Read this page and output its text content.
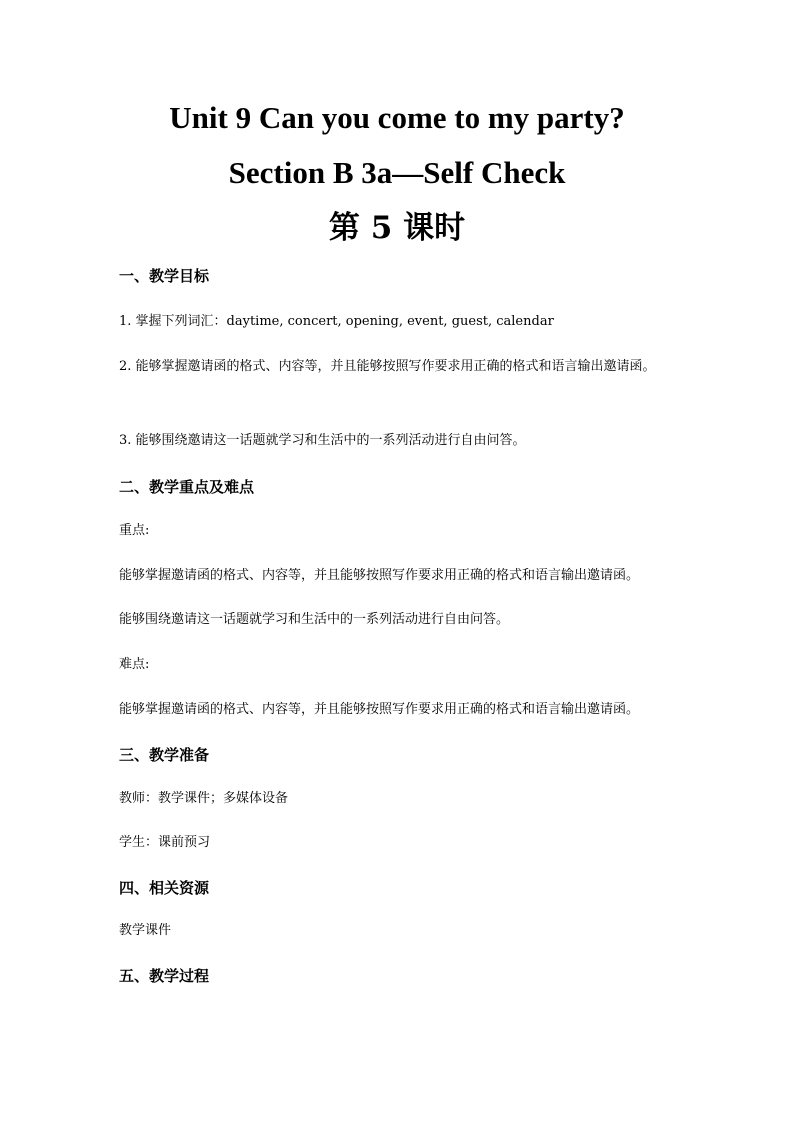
Unit 9 Can you come to my party?
Section B 3a—Self Check
第 5 课时
一、教学目标

1. 掌握下列词汇：daytime, concert, opening, event, guest, calendar

2. 能够掌握邀请函的格式、内容等，并且能够按照写作要求用正确的格式和语言输出邀请函。

3. 能够围绕邀请这一话题就学习和生活中的一系列活动进行自由问答。

二、教学重点及难点

重点:

能够掌握邀请函的格式、内容等，并且能够按照写作要求用正确的格式和语言输出邀请函。

能够围绕邀请这一话题就学习和生活中的一系列活动进行自由问答。

难点:

能够掌握邀请函的格式、内容等，并且能够按照写作要求用正确的格式和语言输出邀请函。

三、教学准备

教师：教学课件；多媒体设备

学生：课前预习

四、相关资源

教学课件

五、教学过程
